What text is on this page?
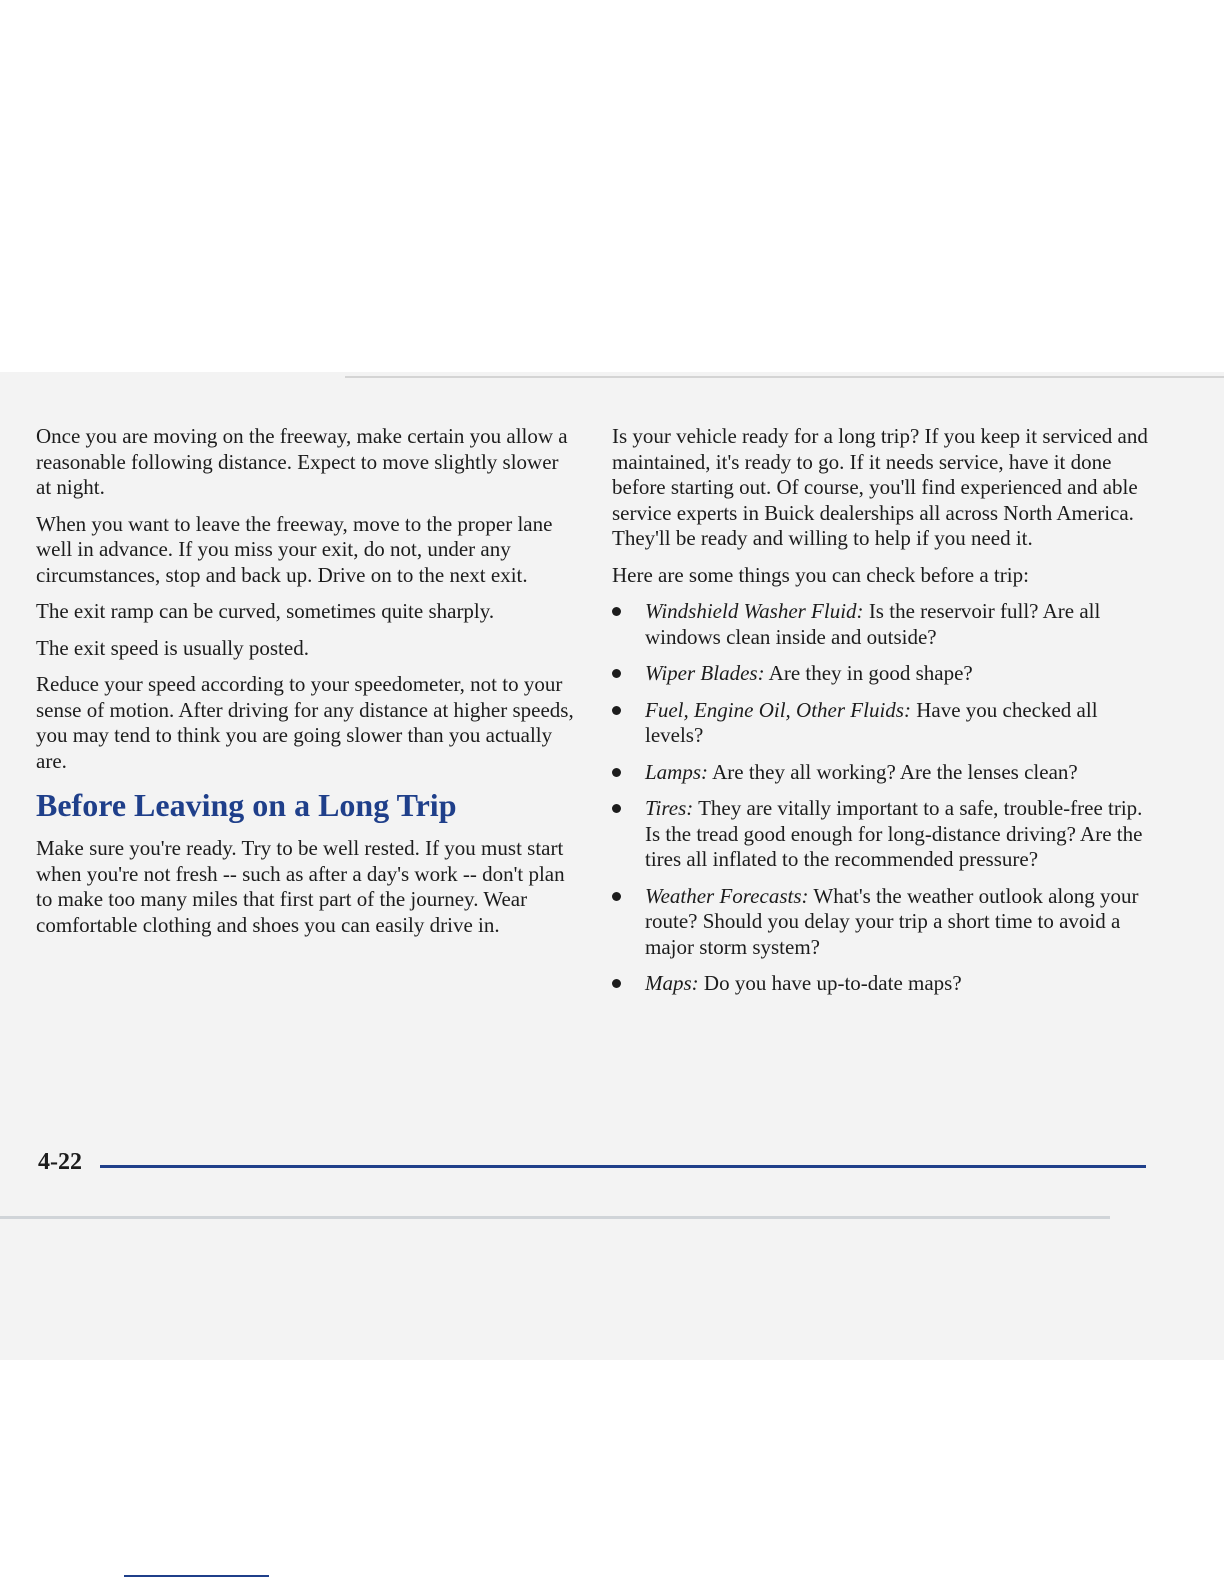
Once you are moving on the freeway, make certain you allow a reasonable following distance. Expect to move slightly slower at night.

When you want to leave the freeway, move to the proper lane well in advance. If you miss your exit, do not, under any circumstances, stop and back up. Drive on to the next exit.

The exit ramp can be curved, sometimes quite sharply.

The exit speed is usually posted.

Reduce your speed according to your speedometer, not to your sense of motion. After driving for any distance at higher speeds, you may tend to think you are going slower than you actually are.

Before Leaving on a Long Trip

Make sure you're ready. Try to be well rested. If you must start when you're not fresh -- such as after a day's work -- don't plan to make too many miles that first part of the journey. Wear comfortable clothing and shoes you can easily drive in.

Is your vehicle ready for a long trip? If you keep it serviced and maintained, it's ready to go. If it needs service, have it done before starting out. Of course, you'll find experienced and able service experts in Buick dealerships all across North America. They'll be ready and willing to help if you need it.

Here are some things you can check before a trip:

Windshield Washer Fluid: Is the reservoir full? Are all windows clean inside and outside?
Wiper Blades: Are they in good shape?
Fuel, Engine Oil, Other Fluids: Have you checked all levels?
Lamps: Are they all working? Are the lenses clean?
Tires: They are vitally important to a safe, trouble-free trip. Is the tread good enough for long-distance driving? Are the tires all inflated to the recommended pressure?
Weather Forecasts: What's the weather outlook along your route? Should you delay your trip a short time to avoid a major storm system?
Maps: Do you have up-to-date maps?
4-22
